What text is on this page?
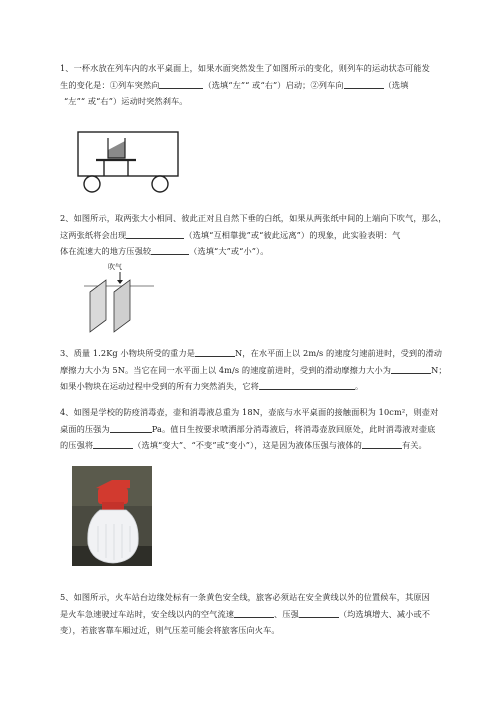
1、一杯水放在列车内的水平桌面上，如果水面突然发生了如图所示的变化，则列车的运动状态可能发

生的变化是：①列车突然向	（选填“左”“ 或“右”）启动；②列车向	（选填

“左”“ 或“右”）运动时突然刹车。

2、如图所示，取两张大小相同、彼此正对且自然下垂的白纸，如果从两张纸中间的上端向下吹气，那么，

这两张纸将会出现	（选填“互相靠拢”或“彼此远离”）的现象，此实验表明：气

体在流速大的地方压强较	（选填“大”或“小”）。

吹气

3、质量 1.2Kg 小物块所受的重力是	N，在水平面上以 2m/s 的速度匀速前进时，受到的滑动

摩擦力大小为 5N。当它在同一水平面上以 4m/s 的速度前进时，受到的滑动摩擦力大小为	N；

如果小物块在运动过程中受到的所有力突然消失，它将	。

4、如图是学校的防疫消毒壶，壶和消毒液总重为 18N，壶底与水平桌面的接触面积为 10cm²，则壶对

桌面的压强为	Pa。值日生按要求喷洒部分消毒液后，将消毒壶放回原处，此时消毒液对壶底

的压强将	（选填“变大”、“不变”或“变小”），这是因为液体压强与液体的	有关。

5、如图所示，火车站台边缘处标有一条黄色安全线，旅客必须站在安全黄线以外的位置候车，其原因

是火车急速驶过车站时，安全线以内的空气流速	、压强	（均选填增大、减小或不

变），若旅客靠车厢过近，则气压差可能会将旅客压向火车。
